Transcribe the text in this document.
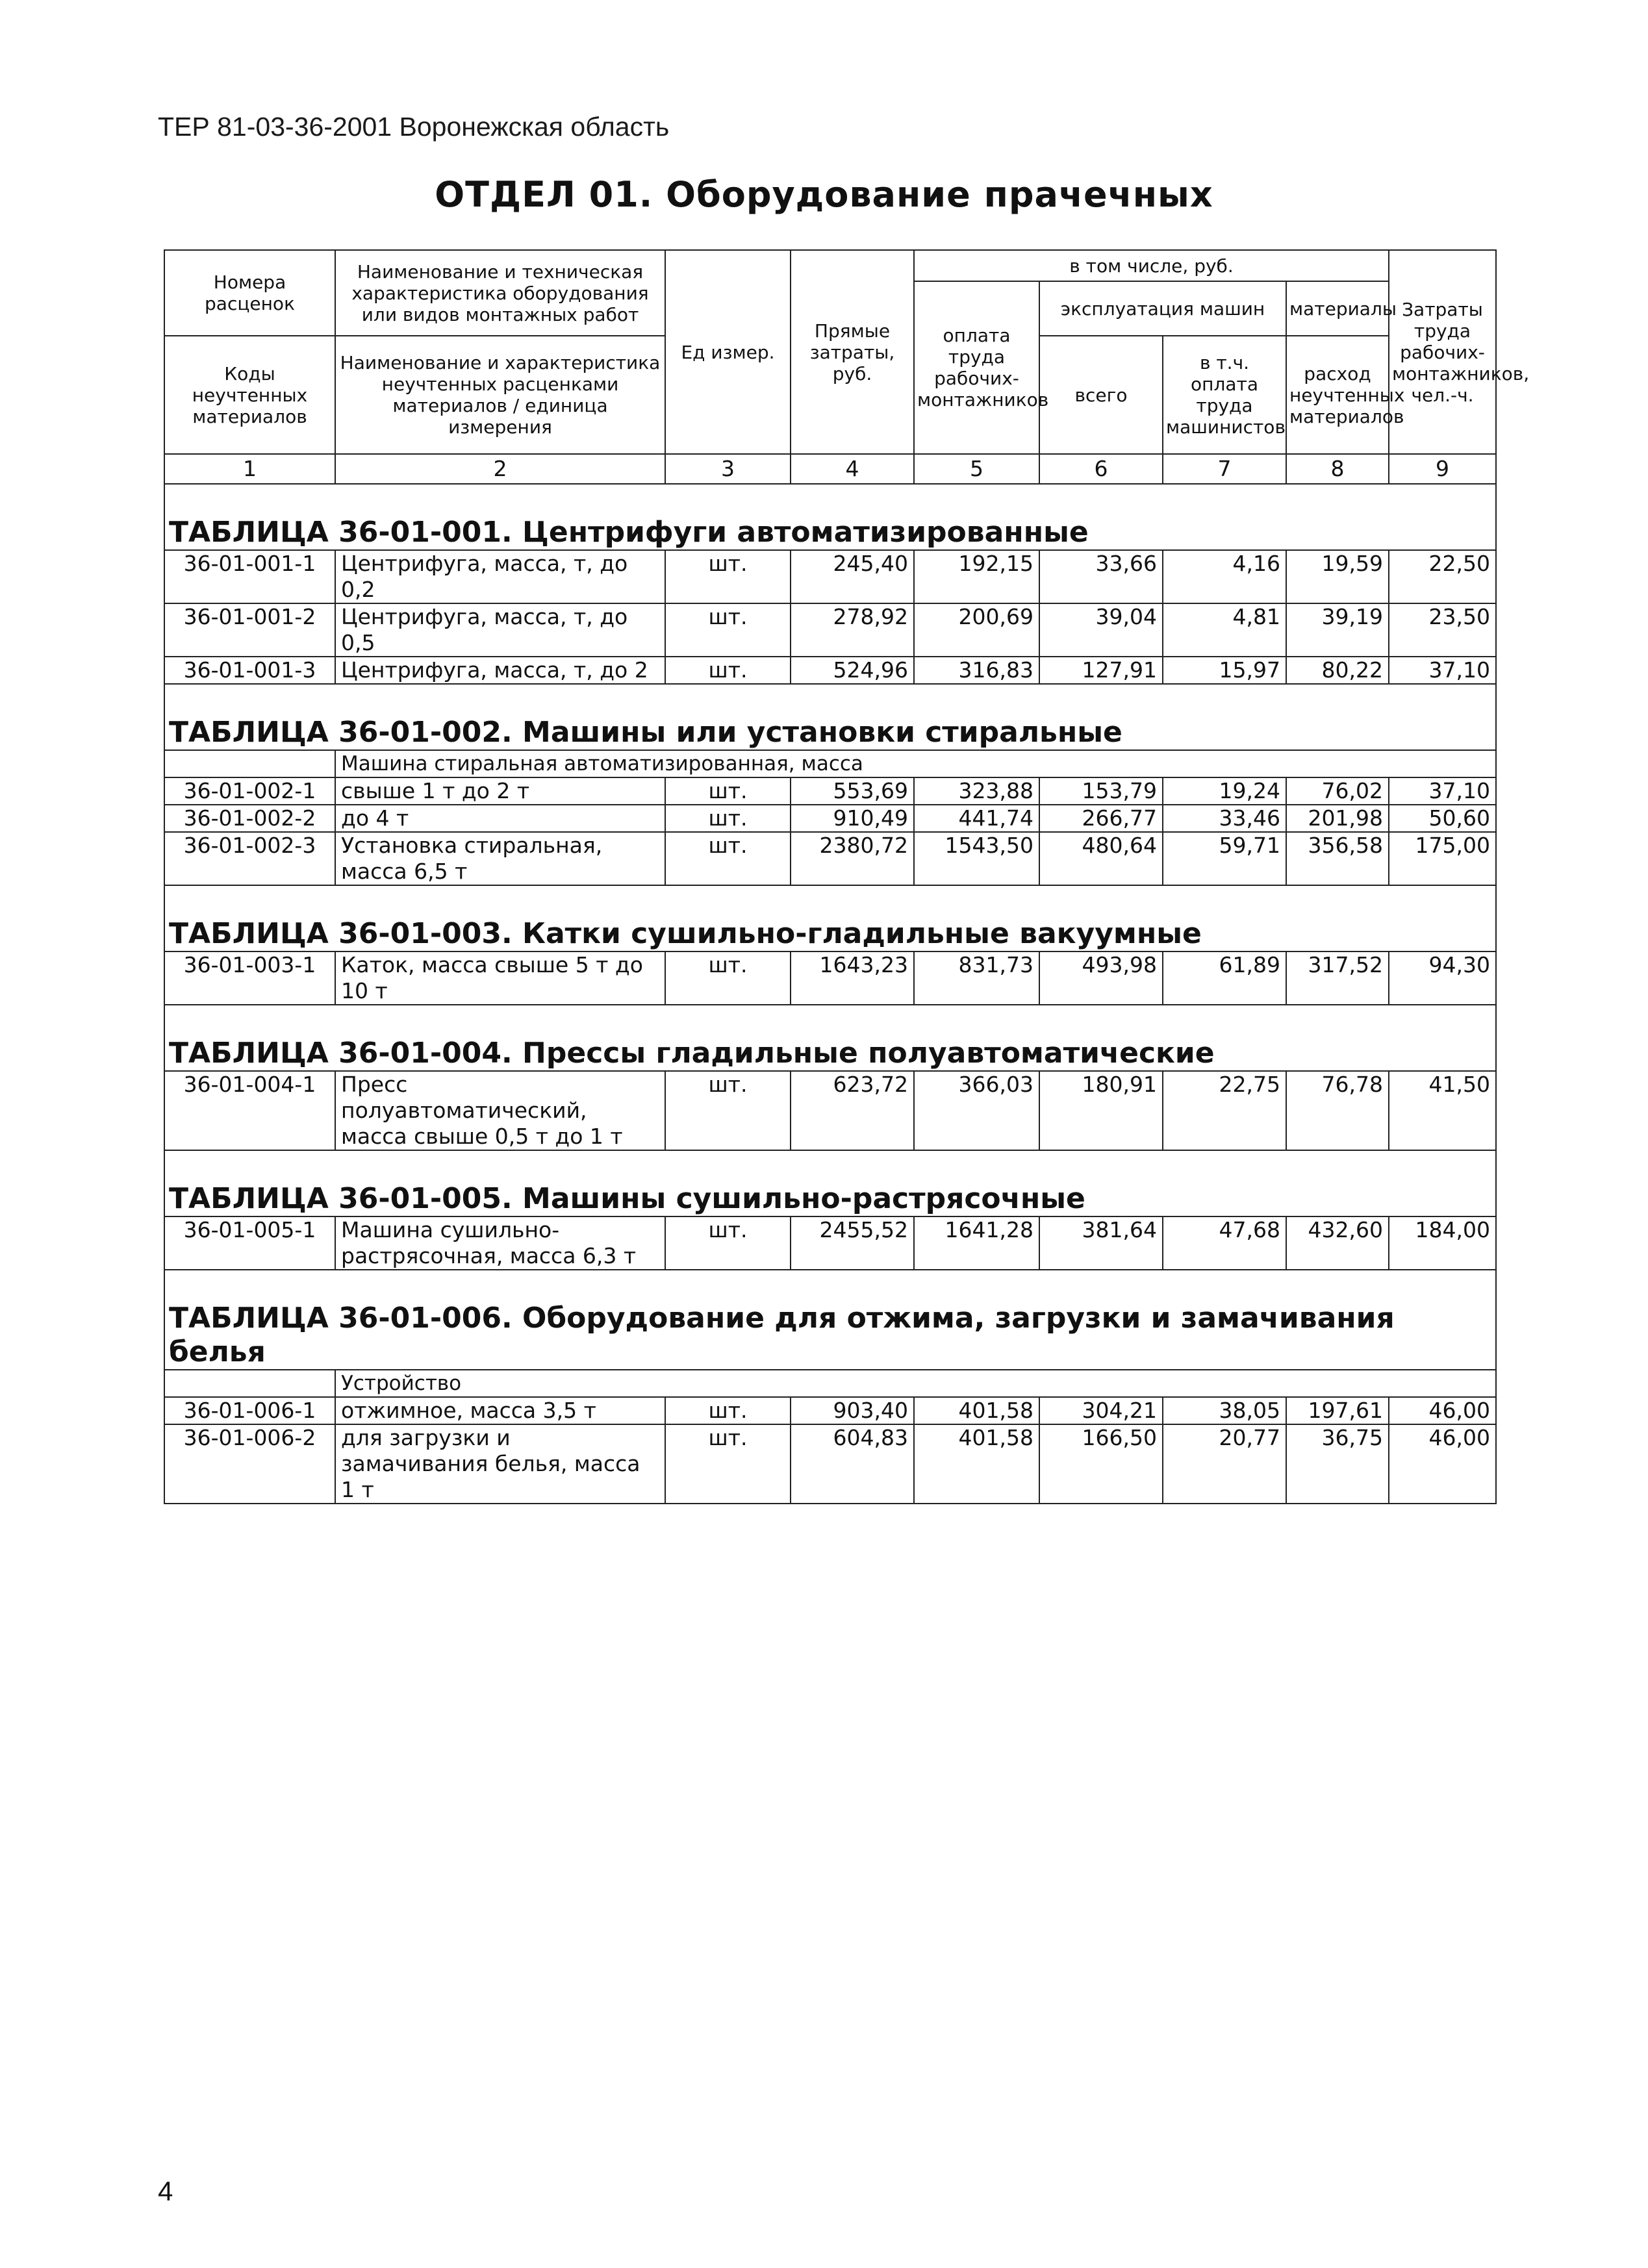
ТЕР 81-03-36-2001 Воронежская область
ОТДЕЛ 01. Оборудование прачечных
Номера расценок	Наименование и техническая характеристика оборудования или видов монтажных работ	Ед измер.	Прямые затраты, руб.	в том числе, руб.				Затраты труда рабочих-монтажников, чел.-ч.
				оплата труда рабочих-монтажников	эксплуатация машин		материалы	

Коды неучтенных материалов	Наименование и характеристика неучтенных расценками материалов / единица измерения				всего	в т.ч. оплата труда машинистов	расход неучтенных материалов	

1	2	3	4	5	6	7	8	9

ТАБЛИЦА 36-01-001. Центрифуги автоматизированные								
36-01-001-1	Центрифуга, масса, т, до 0,2	шт.	245,40	192,15	33,66	4,16	19,59	22,50
36-01-001-2	Центрифуга, масса, т, до 0,5	шт.	278,92	200,69	39,04	4,81	39,19	23,50
36-01-001-3	Центрифуга, масса, т, до 2	шт.	524,96	316,83	127,91	15,97	80,22	37,10

ТАБЛИЦА 36-01-002. Машины или установки стиральные								
	Машина стиральная автоматизированная, масса							
36-01-002-1	свыше 1 т до 2 т	шт.	553,69	323,88	153,79	19,24	76,02	37,10
36-01-002-2	до 4 т	шт.	910,49	441,74	266,77	33,46	201,98	50,60
36-01-002-3	Установка стиральная, масса 6,5 т	шт.	2380,72	1543,50	480,64	59,71	356,58	175,00

ТАБЛИЦА 36-01-003. Катки сушильно-гладильные вакуумные								
36-01-003-1	Каток, масса свыше 5 т до 10 т	шт.	1643,23	831,73	493,98	61,89	317,52	94,30

ТАБЛИЦА 36-01-004. Прессы гладильные полуавтоматические								
36-01-004-1	Пресс полуавтоматический, масса свыше 0,5 т до 1 т	шт.	623,72	366,03	180,91	22,75	76,78	41,50

ТАБЛИЦА 36-01-005. Машины сушильно-растрясочные								
36-01-005-1	Машина сушильно-растрясочная, масса 6,3 т	шт.	2455,52	1641,28	381,64	47,68	432,60	184,00

ТАБЛИЦА 36-01-006. Оборудование для отжима, загрузки и замачивания белья								
	Устройство							
36-01-006-1	отжимное, масса 3,5 т	шт.	903,40	401,58	304,21	38,05	197,61	46,00
36-01-006-2	для загрузки и замачивания белья, масса 1 т	шт.	604,83	401,58	166,50	20,77	36,75	46,00
4
